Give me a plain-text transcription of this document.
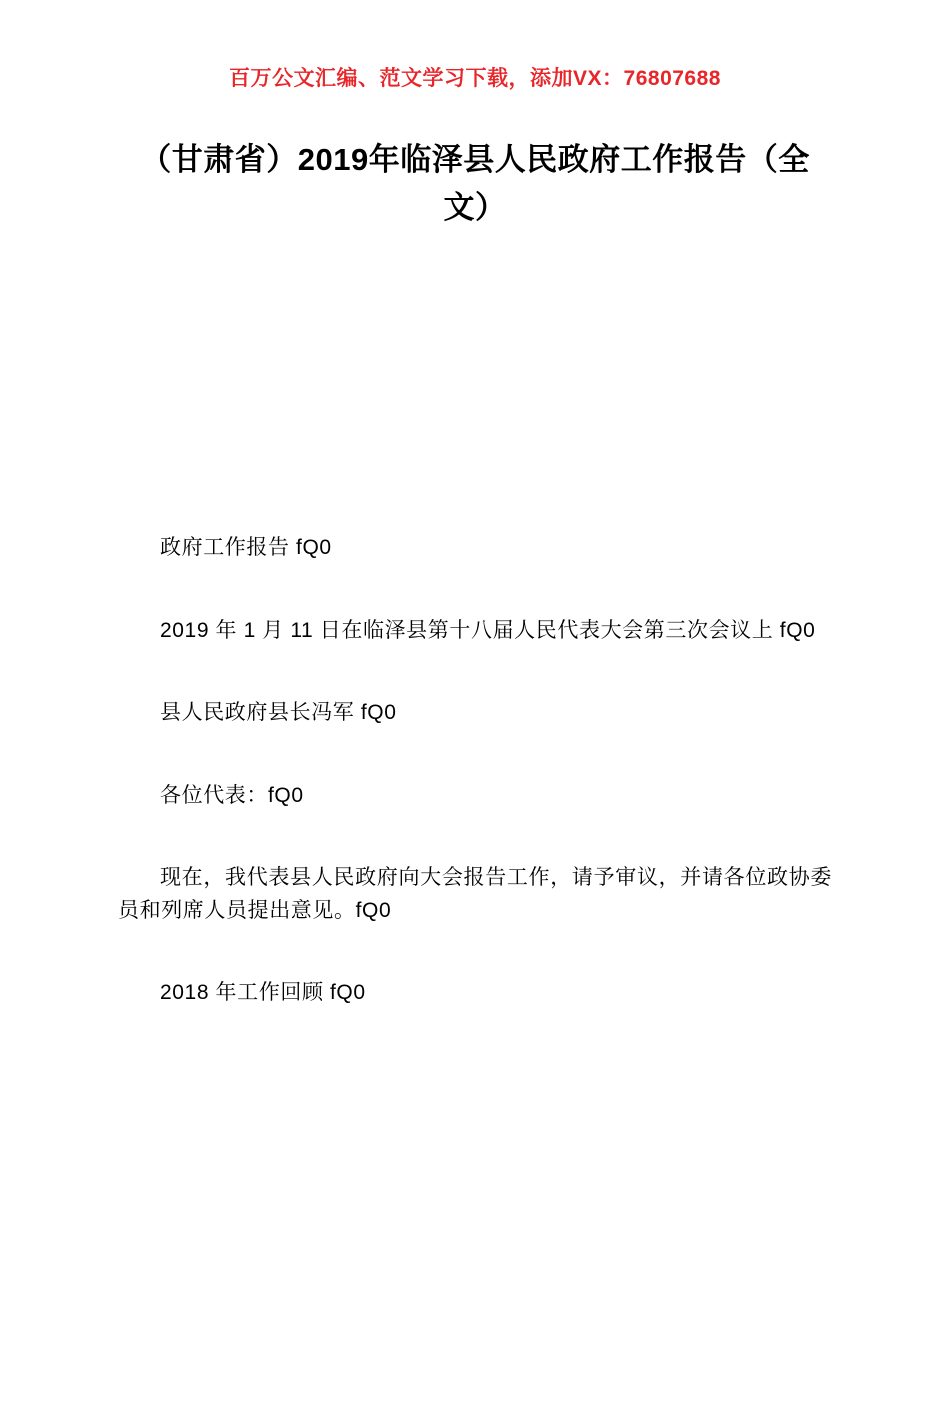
百万公文汇编、范文学习下载，添加VX：76807688
（甘肃省）2019年临泽县人民政府工作报告（全文）

政府工作报告 fQ0

2019 年 1 月 11 日在临泽县第十八届人民代表大会第三次会议上 fQ0

县人民政府县长冯军 fQ0

各位代表：fQ0

现在，我代表县人民政府向大会报告工作，请予审议，并请各位政协委员和列席人员提出意见。fQ0

2018 年工作回顾 fQ0
